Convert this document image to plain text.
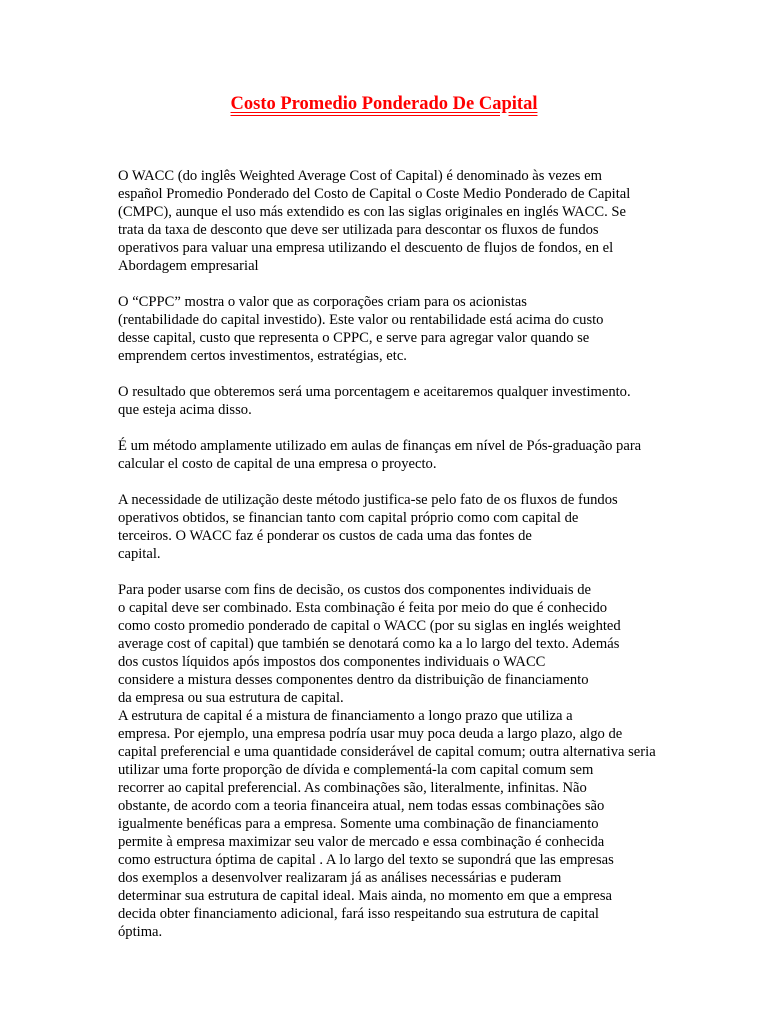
Costo Promedio Ponderado De Capital

O WACC (do inglês Weighted Average Cost of Capital) é denominado às vezes em
español Promedio Ponderado del Costo de Capital o Coste Medio Ponderado de Capital
(CMPC), aunque el uso más extendido es con las siglas originales en inglés WACC. Se
trata da taxa de desconto que deve ser utilizada para descontar os fluxos de fundos
operativos para valuar una empresa utilizando el descuento de flujos de fondos, en el
Abordagem empresarial

O “CPPC” mostra o valor que as corporações criam para os acionistas
(rentabilidade do capital investido). Este valor ou rentabilidade está acima do custo
desse capital, custo que representa o CPPC, e serve para agregar valor quando se
emprendem certos investimentos, estratégias, etc.

O resultado que obteremos será uma porcentagem e aceitaremos qualquer investimento.
que esteja acima disso.

É um método amplamente utilizado em aulas de finanças em nível de Pós-graduação para
calcular el costo de capital de una empresa o proyecto.

A necessidade de utilização deste método justifica-se pelo fato de os fluxos de fundos
operativos obtidos, se financian tanto com capital próprio como com capital de
terceiros. O WACC faz é ponderar os custos de cada uma das fontes de
capital.

Para poder usarse com fins de decisão, os custos dos componentes individuais de
o capital deve ser combinado. Esta combinação é feita por meio do que é conhecido
como costo promedio ponderado de capital o WACC (por su siglas en inglés weighted
average cost of capital) que también se denotará como ka a lo largo del texto. Además
dos custos líquidos após impostos dos componentes individuais o WACC
considere a mistura desses componentes dentro da distribuição de financiamento
da empresa ou sua estrutura de capital.
A estrutura de capital é a mistura de financiamento a longo prazo que utiliza a
empresa. Por ejemplo, una empresa podría usar muy poca deuda a largo plazo, algo de
capital preferencial e uma quantidade considerável de capital comum; outra alternativa seria
utilizar uma forte proporção de dívida e complementá-la com capital comum sem
recorrer ao capital preferencial. As combinações são, literalmente, infinitas. Não
obstante, de acordo com a teoria financeira atual, nem todas essas combinações são
igualmente benéficas para a empresa. Somente uma combinação de financiamento
permite à empresa maximizar seu valor de mercado e essa combinação é conhecida
como estructura óptima de capital . A lo largo del texto se supondrá que las empresas
dos exemplos a desenvolver realizaram já as análises necessárias e puderam
determinar sua estrutura de capital ideal. Mais ainda, no momento em que a empresa
decida obter financiamento adicional, fará isso respeitando sua estrutura de capital
óptima.
